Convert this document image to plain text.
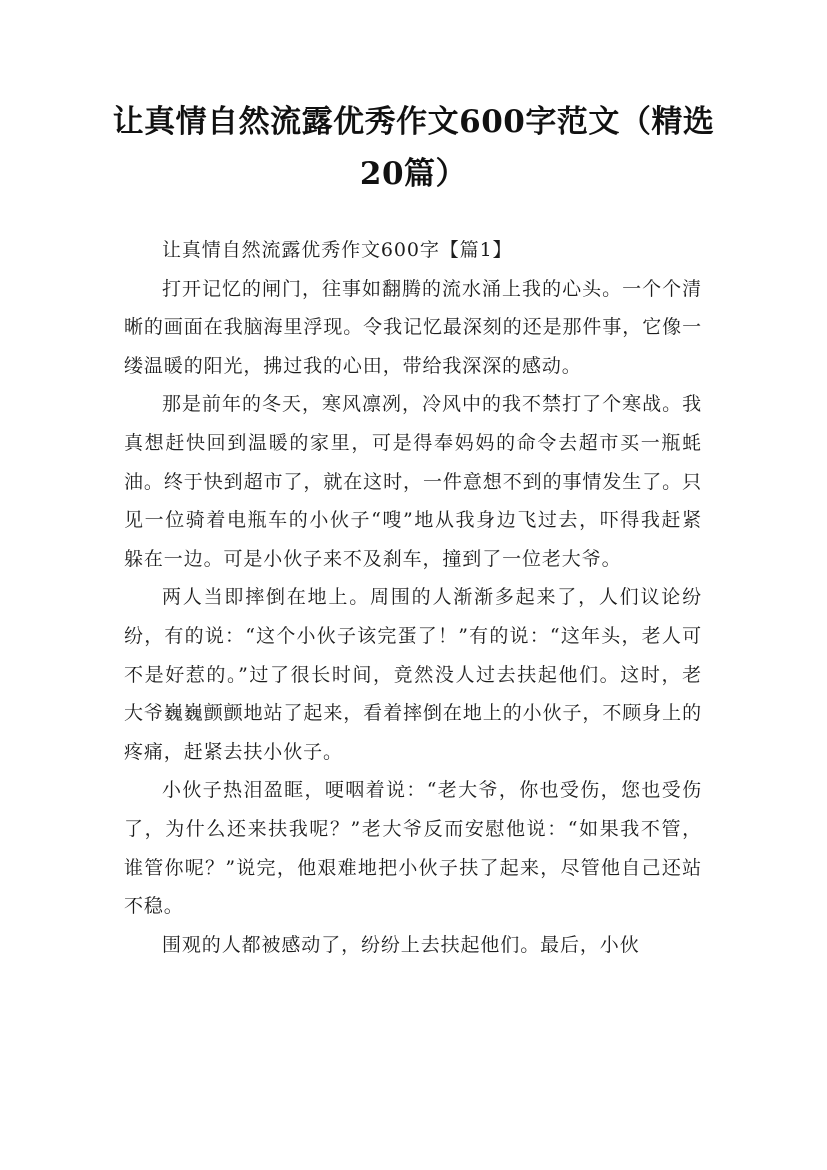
让真情自然流露优秀作文600字范文（精选20篇）

让真情自然流露优秀作文600字【篇1】

打开记忆的闸门，往事如翻腾的流水涌上我的心头。一个个清晰的画面在我脑海里浮现。令我记忆最深刻的还是那件事，它像一缕温暖的阳光，拂过我的心田，带给我深深的感动。

那是前年的冬天，寒风凛冽，冷风中的我不禁打了个寒战。我真想赶快回到温暖的家里，可是得奉妈妈的命令去超市买一瓶蚝油。终于快到超市了，就在这时，一件意想不到的事情发生了。只见一位骑着电瓶车的小伙子“嗖”地从我身边飞过去，吓得我赶紧躲在一边。可是小伙子来不及刹车，撞到了一位老大爷。

两人当即摔倒在地上。周围的人渐渐多起来了，人们议论纷纷，有的说：“这个小伙子该完蛋了！”有的说：“这年头，老人可不是好惹的。”过了很长时间，竟然没人过去扶起他们。这时，老大爷巍巍颤颤地站了起来，看着摔倒在地上的小伙子，不顾身上的疼痛，赶紧去扶小伙子。

小伙子热泪盈眶，哽咽着说：“老大爷，你也受伤，您也受伤了，为什么还来扶我呢？”老大爷反而安慰他说：“如果我不管，谁管你呢？”说完，他艰难地把小伙子扶了起来，尽管他自己还站不稳。

围观的人都被感动了，纷纷上去扶起他们。最后，小伙
